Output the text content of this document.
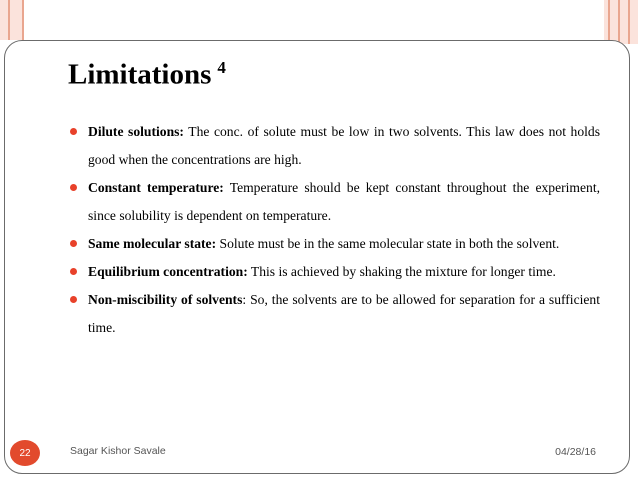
Limitations $^4$
Dilute solutions: The conc. of solute must be low in two solvents. This law does not holds good when the concentrations are high.
Constant temperature: Temperature should be kept constant throughout the experiment, since solubility is dependent on temperature.
Same molecular state: Solute must be in the same molecular state in both the solvent.
Equilibrium concentration: This is achieved by shaking the mixture for longer time.
Non-miscibility of solvents: So, the solvents are to be allowed for separation for a sufficient time.
22	Sagar Kishor Savale	04/28/16
